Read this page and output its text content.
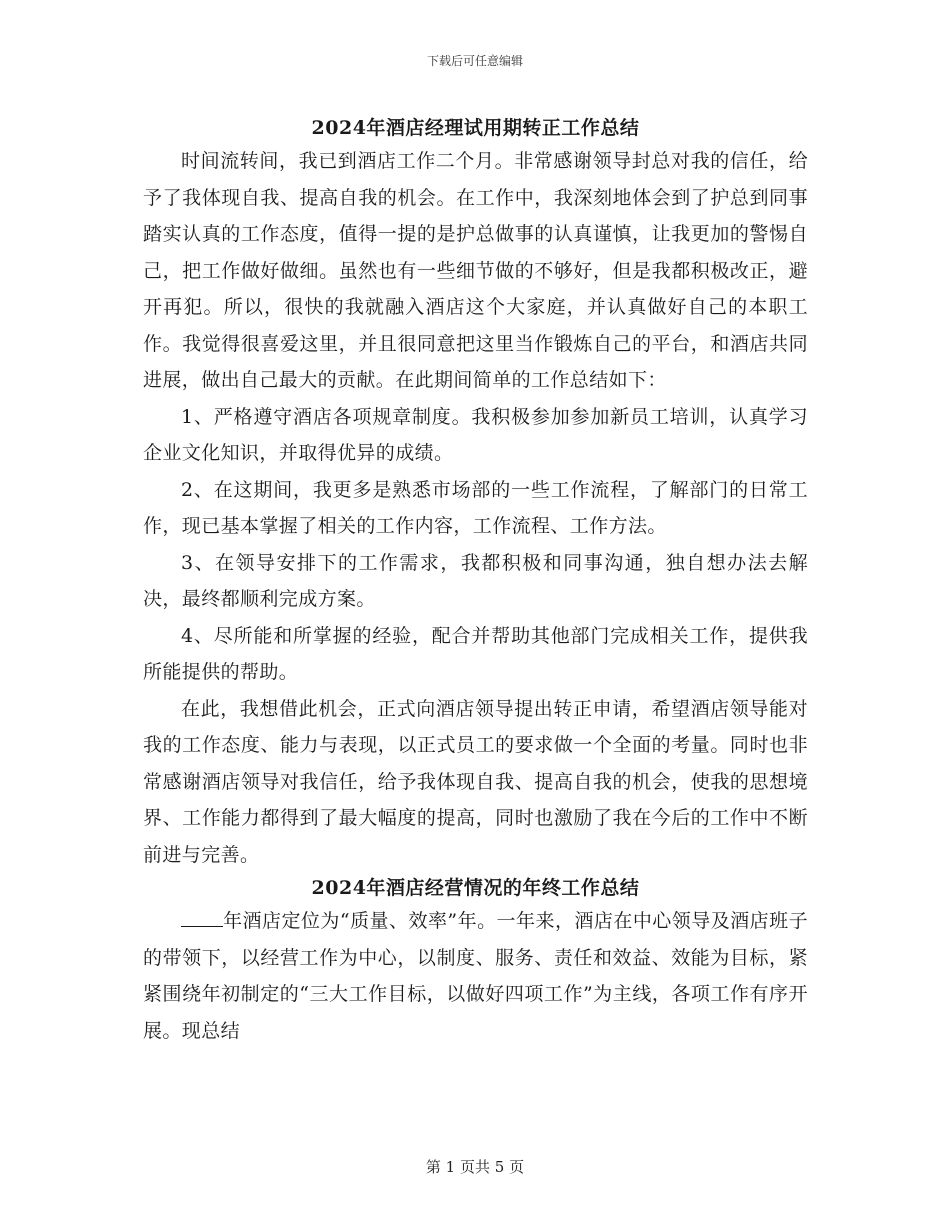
下载后可任意编辑
2024年酒店经理试用期转正工作总结

时间流转间，我已到酒店工作二个月。非常感谢领导封总对我的信任，给予了我体现自我、提高自我的机会。在工作中，我深刻地体会到了护总到同事踏实认真的工作态度，值得一提的是护总做事的认真谨慎，让我更加的警惕自己，把工作做好做细。虽然也有一些细节做的不够好，但是我都积极改正，避开再犯。所以，很快的我就融入酒店这个大家庭，并认真做好自己的本职工作。我觉得很喜爱这里，并且很同意把这里当作锻炼自己的平台，和酒店共同进展，做出自己最大的贡献。在此期间简单的工作总结如下：

1、严格遵守酒店各项规章制度。我积极参加参加新员工培训，认真学习企业文化知识，并取得优异的成绩。

2、在这期间，我更多是熟悉市场部的一些工作流程，了解部门的日常工作，现已基本掌握了相关的工作内容，工作流程、工作方法。

3、在领导安排下的工作需求，我都积极和同事沟通，独自想办法去解决，最终都顺利完成方案。

4、尽所能和所掌握的经验，配合并帮助其他部门完成相关工作，提供我所能提供的帮助。

在此，我想借此机会，正式向酒店领导提出转正申请，希望酒店领导能对我的工作态度、能力与表现，以正式员工的要求做一个全面的考量。同时也非常感谢酒店领导对我信任，给予我体现自我、提高自我的机会，使我的思想境界、工作能力都得到了最大幅度的提高，同时也激励了我在今后的工作中不断前进与完善。

2024年酒店经营情况的年终工作总结

年酒店定位为“质量、效率”年。一年来，酒店在中心领导及酒店班子的带领下，以经营工作为中心，以制度、服务、责任和效益、效能为目标，紧紧围绕年初制定的“三大工作目标，以做好四项工作”为主线，各项工作有序开展。现总结

第 1 页共 5 页
